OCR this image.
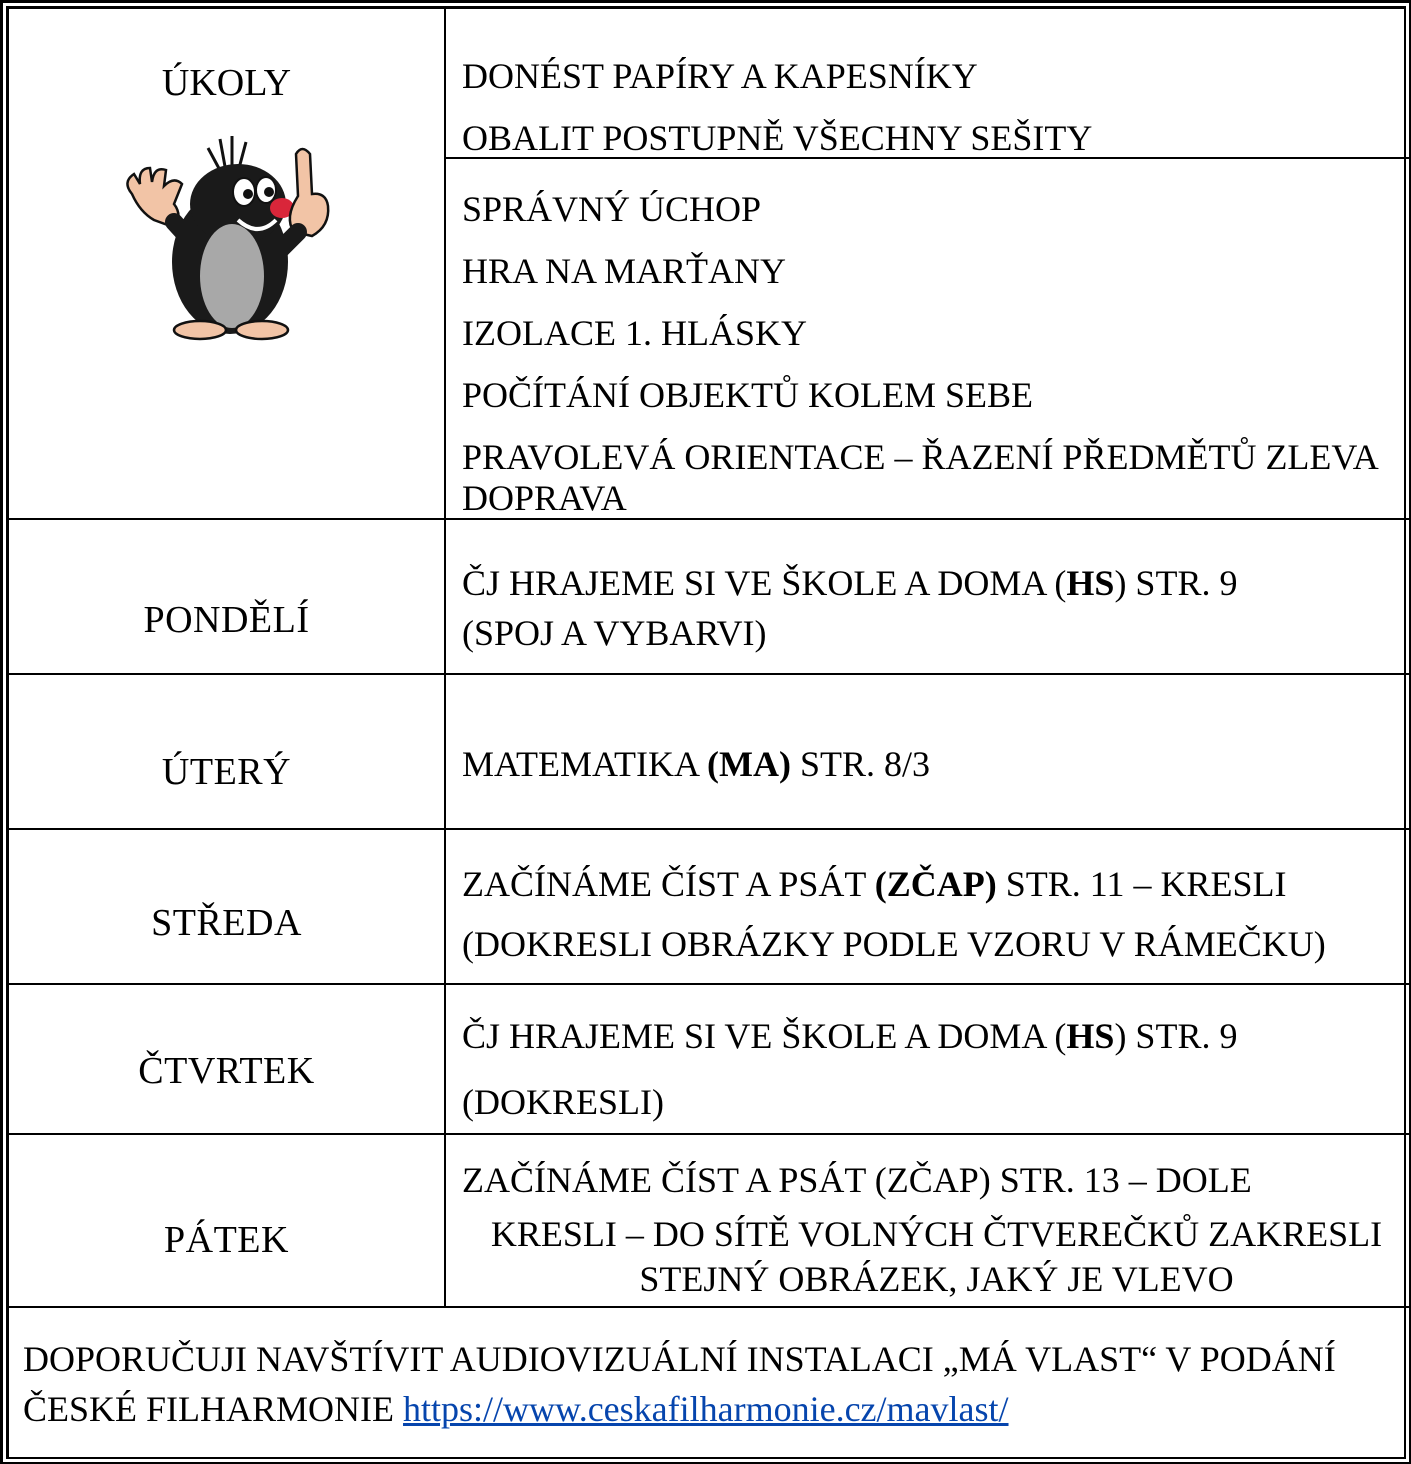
DONÉST PAPÍRY A KAPESNÍKY
OBALIT POSTUPNĚ VŠECHNY SEŠITY
ÚKOLY
SPRÁVNÝ ÚCHOP
HRA NA MARŤANY
IZOLACE 1. HLÁSKY
POČÍTÁNÍ OBJEKTŮ KOLEM SEBE
PRAVOLEVÁ ORIENTACE – ŘAZENÍ PŘEDMĚTŮ ZLEVA
DOPRAVA
PONDĚLÍ
ČJ HRAJEME SI VE ŠKOLE A DOMA (HS) STR. 9
(SPOJ A VYBARVI)
ÚTERÝ	MATEMATIKA (MA) STR. 8/3
STŘEDA
ZAČÍNÁME ČÍST A PSÁT (ZČAP) STR. 11 – KRESLI
(DOKRESLI OBRÁZKY PODLE VZORU V RÁMEČKU)
ČTVRTEK
ČJ HRAJEME SI VE ŠKOLE A DOMA (HS) STR. 9
(DOKRESLI)
PÁTEK
ZAČÍNÁME ČÍST A PSÁT (ZČAP) STR. 13 – DOLE
KRESLI – DO SÍTĚ VOLNÝCH ČTVEREČKŮ ZAKRESLI
STEJNÝ OBRÁZEK, JAKÝ JE VLEVO
DOPORUČUJI NAVŠTÍVIT AUDIOVIZUÁLNÍ INSTALACI „MÁ VLAST“ V PODÁNÍ
ČESKÉ FILHARMONIE https://www.ceskafilharmonie.cz/mavlast/
